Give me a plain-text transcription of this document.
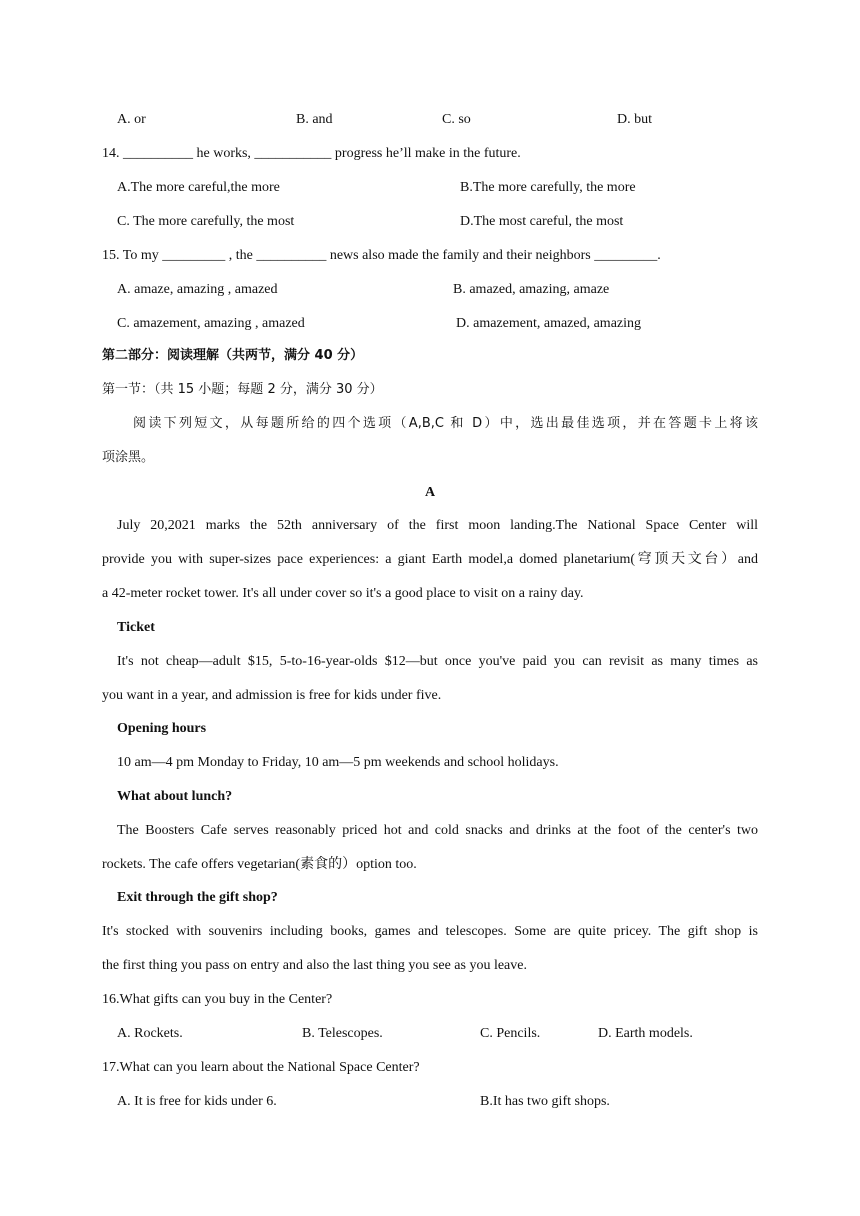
A. or	B. and	C. so	D. but
14. __________ he works, ___________ progress he’ll make in the future.
A.The more careful,the more	B.The more carefully, the more
C. The more carefully, the most	D.The most careful, the most
15. To my _________ , the __________ news also made the family and their neighbors _________.
A. amaze, amazing , amazed	B. amazed, amazing, amaze
C. amazement, amazing , amazed	D. amazement, amazed, amazing
第二部分：阅读理解（共两节，满分 40 分）
第一节：（共 15 小题；每题 2 分，满分 30 分）
阅读下列短文，从每题所给的四个选项（A,B,C 和 D）中，选出最佳选项，并在答题卡上将该
项涂黑。
A
July 20,2021 marks the 52th anniversary of the first moon landing.The National Space Center will
provide you with super-sizes pace experiences: a giant Earth model,a domed planetarium(穹顶天文台）and
a 42-meter rocket tower. It's all under cover so it's a good place to visit on a rainy day.
Ticket
It's not cheap—adult $15, 5-to-16-year-olds $12—but once you've paid you can revisit as many times as
you want in a year, and admission is free for kids under five.
Opening hours
10 am—4 pm Monday to Friday, 10 am—5 pm weekends and school holidays.
What about lunch?
The Boosters Cafe serves reasonably priced hot and cold snacks and drinks at the foot of the center's two
rockets. The cafe offers vegetarian(素食的）option too.
Exit through the gift shop?
It's stocked with souvenirs including books, games and telescopes. Some are quite pricey. The gift shop is
the first thing you pass on entry and also the last thing you see as you leave.
16.What gifts can you buy in the Center?
A. Rockets.	B. Telescopes.	C. Pencils.	D. Earth models.
17.What can you learn about the National Space Center?
A. It is free for kids under 6.	B.It has two gift shops.
